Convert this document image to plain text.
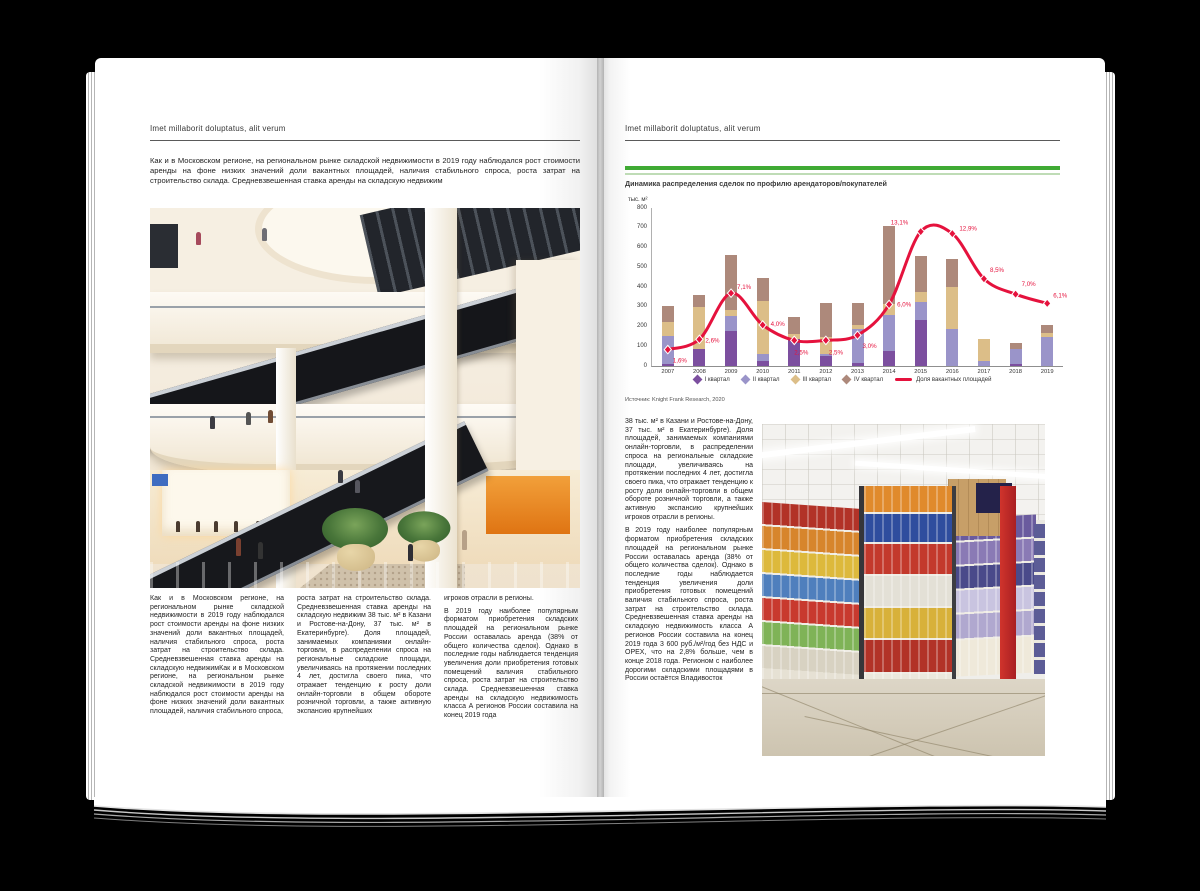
Imet millaborit doluptatus, alit verum

Как и в Московском регионе, на региональном рынке складской недвижимости в 2019 году наблюдался рост стоимости аренды на фоне низких значений доли вакантных площадей, наличия стабильного спроса, роста затрат на строительство склада. Средневзвешенная ставка аренды на складскую недвижим

Как и в Московском регионе, на региональном рынке складской недвижимости в 2019 году наблюдался рост стоимости аренды на фоне низких значений доли вакантных площадей, наличия стабильного спроса, роста затрат на строительство склада. Средневзвешенная ставка аренды на складскую недвижимКак и в Московском регионе, на региональном рынке складской недвижимости в 2019 году наблюдался рост стоимости аренды на фоне низких значений доли вакантных площадей, наличия стабильного спроса,

роста затрат на строительство склада. Средневзвешенная ставка аренды на складскую недвижим 38 тыс. м² в Казани и Ростове-на-Дону, 37 тыс. м² в Екатеринбурге). Доля площадей, занимаемых компаниями онлайн-торговли, в распределении спроса на региональные складские площади, увеличиваясь на протяжении последних 4 лет, достигла своего пика, что отражает тенденцию к росту доли онлайн-торговли в общем обороте розничной торговли, а также активную экспансию крупнейших

игроков отрасли в регионы.

В 2019 году наиболее популярным форматом приобретения складских площадей на региональном рынке России оставалась аренда (38% от общего количества сделок). Однако в последние годы наблюдается тенденция увеличения доли приобретения готовых помещений валичия стабильного спроса, роста затрат на строительство склада. Средневзвешенная ставка аренды на складскую недвижимость класса А регионов России составила на конец 2019 года

Imet millaborit doluptatus, alit verum
Динамика распределения сделок по профилю арендаторов/покупателей
тыс. м²
0
100
200
300
400
500
600
700
800
2007	2008	2009	2010	2011	2012	2013	2014	2015	2016	2017	2018	2019
1,6%
2,6%
7,1%
4,0%
2,5%	2,5%
3,0%
6,0%
13,1%
12,9%
8,5%
7,0%
6,1%
I квартал	II квартал	III квартал	IV квартал	Доля вакантных площадей
Источник: Knight Frank Research, 2020

38 тыс. м² в Казани и Ростове-на-Дону, 37 тыс. м² в Екатеринбурге). Доля площадей, занимаемых компаниями онлайн-торговли, в распределении спроса на региональные складские площади, увеличиваясь на протяжении последних 4 лет, достигла своего пика, что отражает тенденцию к росту доли онлайн-торговли в общем обороте розничной торговли, а также активную экспансию крупнейших игроков отрасли в регионы.

В 2019 году наиболее популярным форматом приобретения складских площадей на региональном рынке России оставалась аренда (38% от общего количества сделок). Однако в последние годы наблюдается тенденция увеличения доли приобретения готовых помещений валичия стабильного спроса, роста затрат на строительство склада. Средневзвешенная ставка аренды на складскую недвижимость класса А регионов России составила на конец 2019 года 3 600 руб./м²/год без НДС и OPEX, что на 2,8% больше, чем в конце 2018 года. Регионом с наиболее дорогими складскими площадями в России остаётся Владивосток
